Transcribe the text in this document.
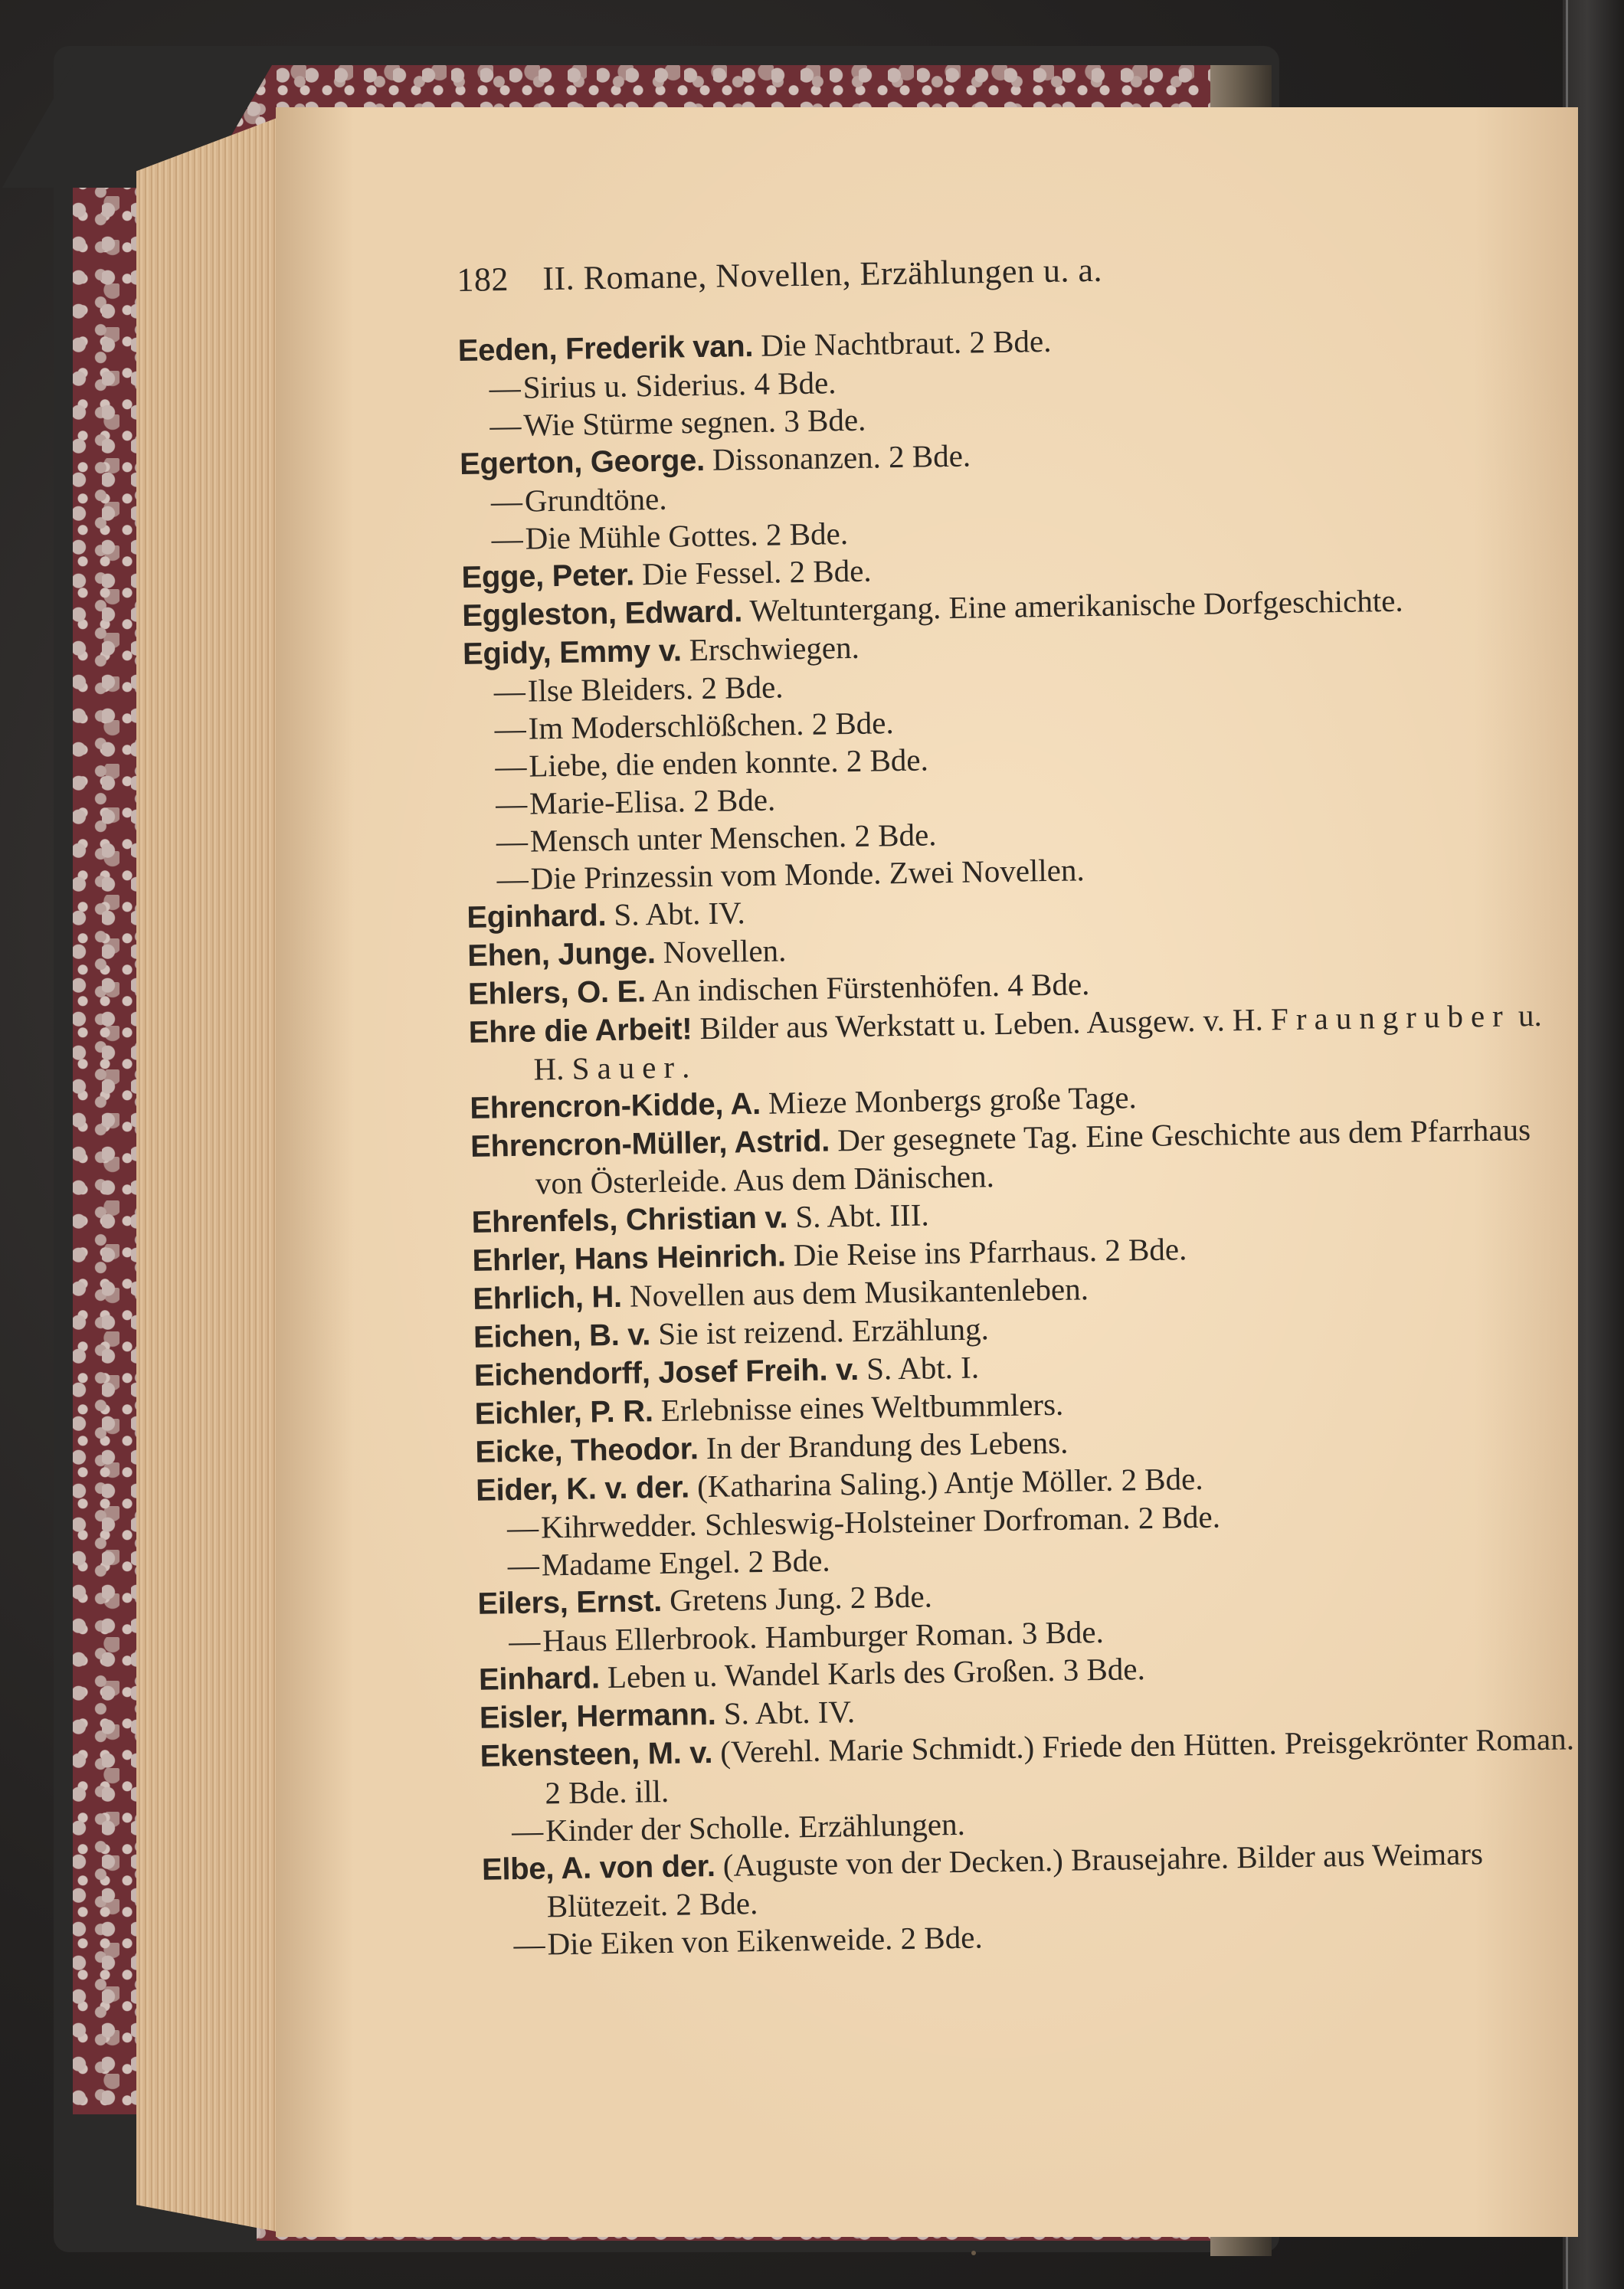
182 II. Romane, Novellen, Erzählungen u. a.
Eeden, Frederik van. Die Nachtbraut. 2 Bde.
—Sirius u. Siderius. 4 Bde.
—Wie Stürme segnen. 3 Bde.
Egerton, George. Dissonanzen. 2 Bde.
—Grundtöne.
—Die Mühle Gottes. 2 Bde.
Egge, Peter. Die Fessel. 2 Bde.
Eggleston, Edward. Weltuntergang. Eine amerikanische Dorfgeschichte.
Egidy, Emmy v. Erschwiegen.
—Ilse Bleiders. 2 Bde.
—Im Moderschlößchen. 2 Bde.
—Liebe, die enden konnte. 2 Bde.
—Marie-Elisa. 2 Bde.
—Mensch unter Menschen. 2 Bde.
—Die Prinzessin vom Monde. Zwei Novellen.
Eginhard. S. Abt. IV.
Ehen, Junge. Novellen.
Ehlers, O. E. An indischen Fürstenhöfen. 4 Bde.
Ehre die Arbeit! Bilder aus Werkstatt u. Leben. Ausgew. v. H. Fraungruber u. H. Sauer.
Ehrencron-Kidde, A. Mieze Monbergs große Tage.
Ehrencron-Müller, Astrid. Der gesegnete Tag. Eine Geschichte aus dem Pfarrhaus von Österleide. Aus dem Dänischen.
Ehrenfels, Christian v. S. Abt. III.
Ehrler, Hans Heinrich. Die Reise ins Pfarrhaus. 2 Bde.
Ehrlich, H. Novellen aus dem Musikantenleben.
Eichen, B. v. Sie ist reizend. Erzählung.
Eichendorff, Josef Freih. v. S. Abt. I.
Eichler, P. R. Erlebnisse eines Weltbummlers.
Eicke, Theodor. In der Brandung des Lebens.
Eider, K. v. der. (Katharina Saling.) Antje Möller. 2 Bde.
—Kihrwedder. Schleswig-Holsteiner Dorfroman. 2 Bde.
—Madame Engel. 2 Bde.
Eilers, Ernst. Gretens Jung. 2 Bde.
—Haus Ellerbrook. Hamburger Roman. 3 Bde.
Einhard. Leben u. Wandel Karls des Großen. 3 Bde.
Eisler, Hermann. S. Abt. IV.
Ekensteen, M. v. (Verehl. Marie Schmidt.) Friede den Hütten. Preisgekrönter Roman. 2 Bde. ill.
—Kinder der Scholle. Erzählungen.
Elbe, A. von der. (Auguste von der Decken.) Brausejahre. Bilder aus Weimars Blütezeit. 2 Bde.
—Die Eiken von Eikenweide. 2 Bde.
